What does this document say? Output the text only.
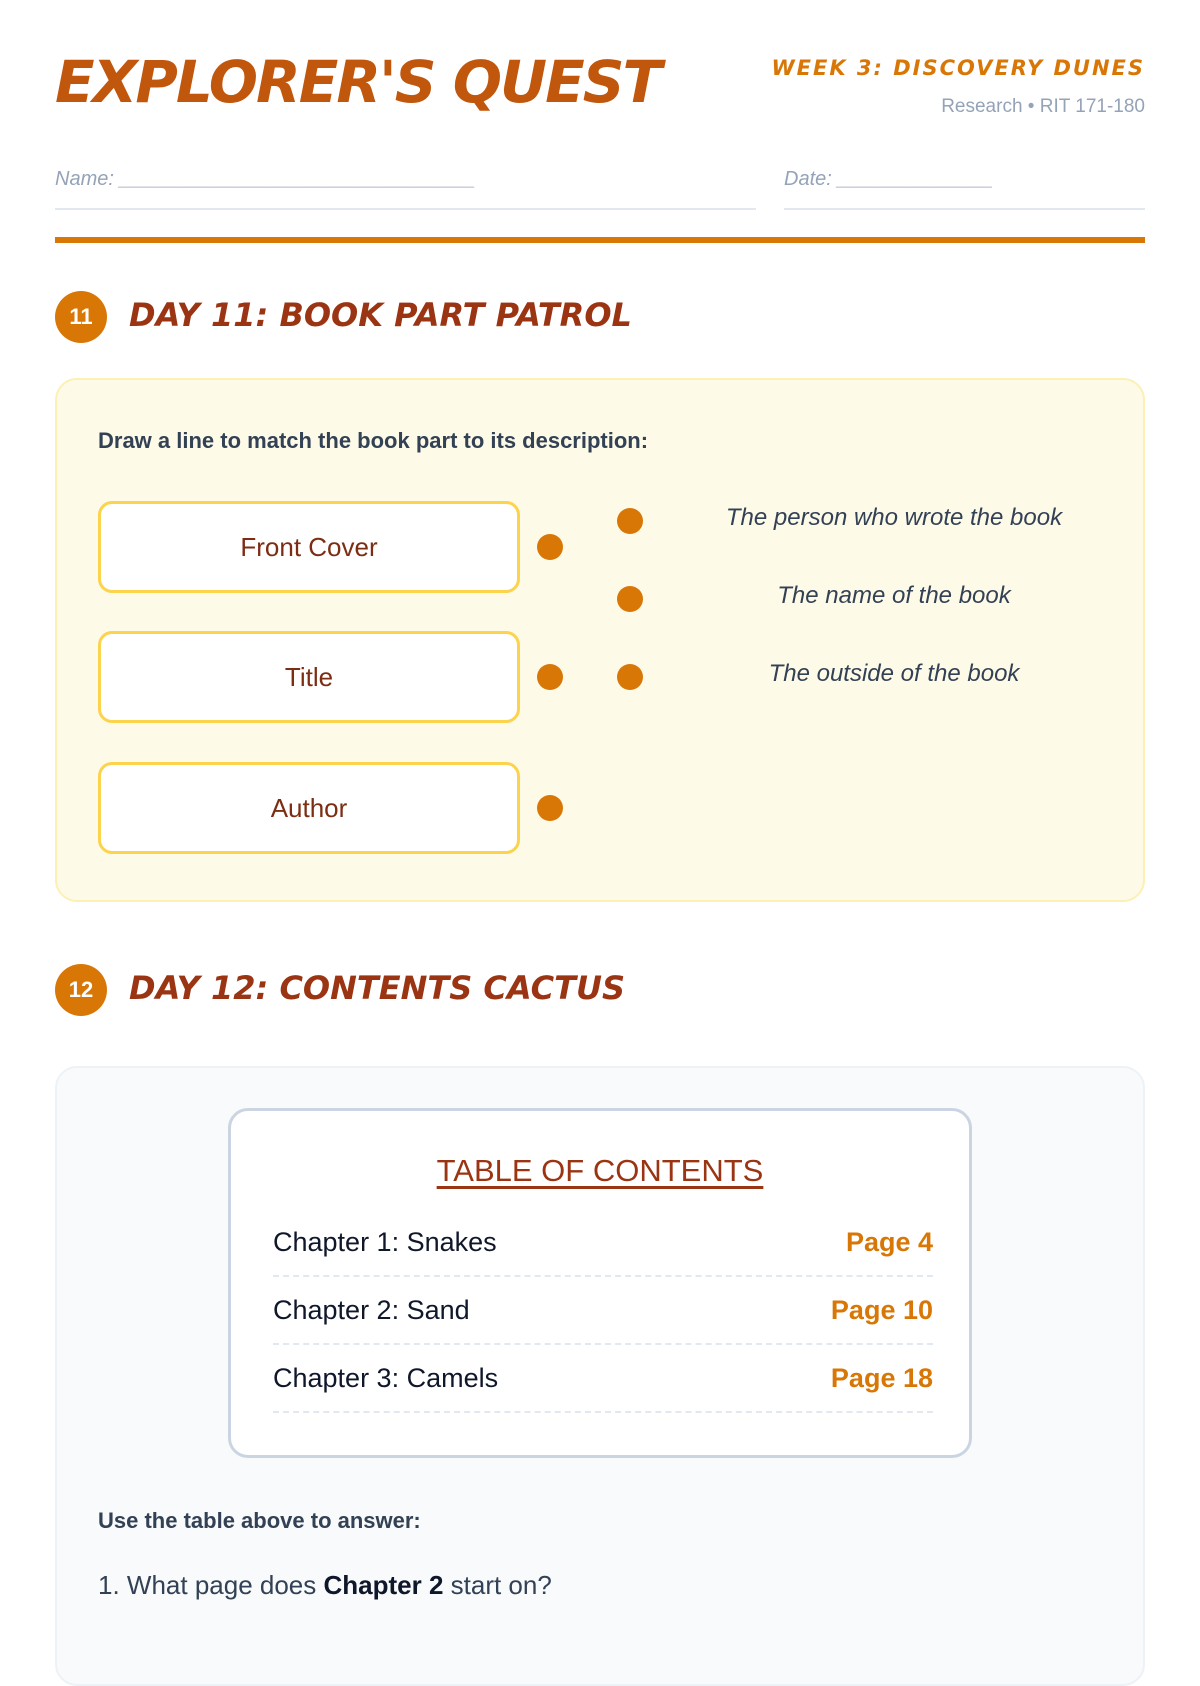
EXPLORER'S QUEST	WEEK 3: DISCOVERY DUNES
Research • RIT 171-180
Name: ________________________________	Date: ______________
11	DAY 11: BOOK PART PATROL
Draw a line to match the book part to its description:
Front Cover
Title
Author
The person who wrote the book
The name of the book
The outside of the book
12	DAY 12: CONTENTS CACTUS
TABLE OF CONTENTS
Chapter 1: Snakes	Page 4
Chapter 2: Sand	Page 10
Chapter 3: Camels	Page 18
Use the table above to answer:
1. What page does Chapter 2 start on?
